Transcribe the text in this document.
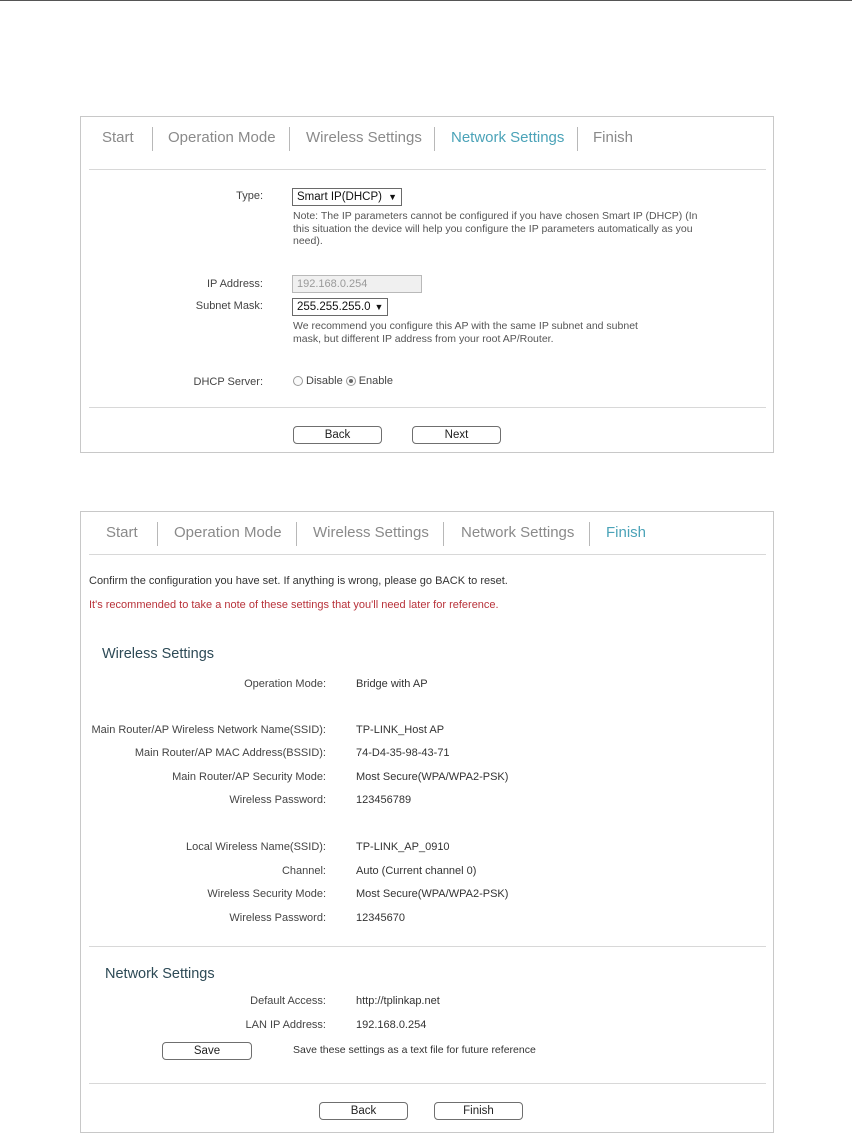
Start Operation Mode Wireless Settings Network Settings Finish
Type:	Smart IP(DHCP) ▼
Note: The IP parameters cannot be configured if you have chosen Smart IP (DHCP) (In this situation the device will help you configure the IP parameters automatically as you need).
IP Address:
192.168.0.254
Subnet Mask:	255.255.255.0 ▼
We recommend you configure this AP with the same IP subnet and subnet mask, but different IP address from your root AP/Router.
DHCP Server:	Disable Enable
Back	Next
Start Operation Mode Wireless Settings Network Settings Finish
Confirm the configuration you have set. If anything is wrong, please go BACK to reset.
It's recommended to take a note of these settings that you'll need later for reference.
Wireless Settings
Operation Mode:	Bridge with AP
Main Router/AP Wireless Network Name(SSID):	TP-LINK_Host AP
Main Router/AP MAC Address(BSSID):	74-D4-35-98-43-71
Main Router/AP Security Mode:	Most Secure(WPA/WPA2-PSK)
Wireless Password:	123456789
Local Wireless Name(SSID):	TP-LINK_AP_0910
Channel:	Auto (Current channel 0)
Wireless Security Mode:	Most Secure(WPA/WPA2-PSK)
Wireless Password:	12345670
Network Settings
Default Access:	http://tplinkap.net
LAN IP Address:	192.168.0.254
Save	Save these settings as a text file for future reference
Back	Finish
